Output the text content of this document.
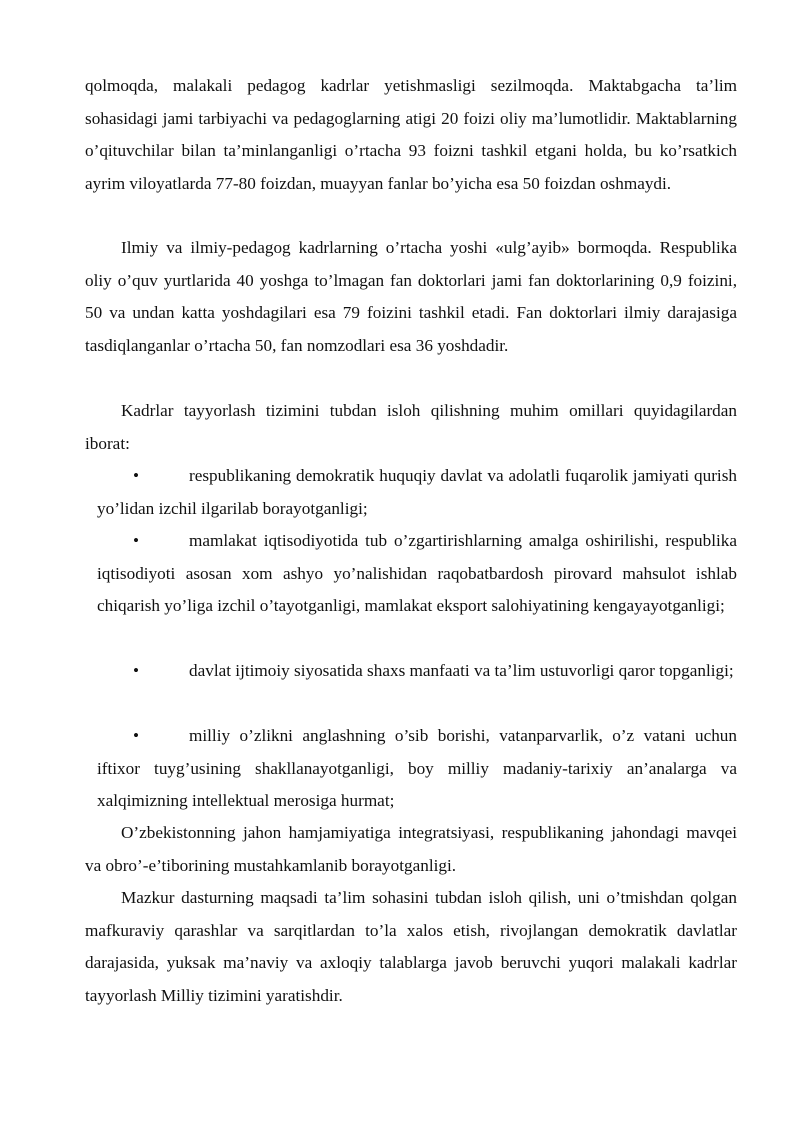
qolmoqda, malakali pedagog kadrlar yetishmasligi sezilmoqda. Maktabgacha ta’lim sohasidagi jami tarbiyachi va pedagoglarning atigi 20 foizi oliy ma’lumotlidir. Maktablarning o’qituvchilar bilan ta’minlanganligi o’rtacha 93 foizni tashkil etgani holda, bu ko’rsatkich ayrim viloyatlarda 77-80 foizdan, muayyan fanlar bo’yicha esa 50 foizdan oshmaydi.

Ilmiy va ilmiy-pedagog kadrlarning o’rtacha yoshi «ulg’ayib» bormoqda. Respublika oliy o’quv yurtlarida 40 yoshga to’lmagan fan doktorlari jami fan doktorlarining 0,9 foizini, 50 va undan katta yoshdagilari esa 79 foizini tashkil etadi. Fan doktorlari ilmiy darajasiga tasdiqlanganlar o’rtacha 50, fan nomzodlari esa 36 yoshdadir.

Kadrlar tayyorlash tizimini tubdan isloh qilishning muhim omillari quyidagilardan iborat:

•	respublikaning demokratik huquqiy davlat va adolatli fuqarolik jamiyati qurish yo’lidan izchil ilgarilab borayotganligi;

•	mamlakat iqtisodiyotida tub o’zgartirishlarning amalga oshirilishi, respublika iqtisodiyoti asosan xom ashyo yo’nalishidan raqobatbardosh pirovard mahsulot ishlab chiqarish yo’liga izchil o’tayotganligi, mamlakat eksport salohiyatining kengayayotganligi;

•	davlat ijtimoiy siyosatida shaxs manfaati va ta’lim ustuvorligi qaror topganligi;

•	milliy o’zlikni anglashning o’sib borishi, vatanparvarlik, o’z vatani uchun iftixor tuyg’usining shakllanayotganligi, boy milliy madaniy-tarixiy an’analarga va xalqimizning intellektual merosiga hurmat;

O’zbekistonning jahon hamjamiyatiga integratsiyasi, respublikaning jahondagi mavqei va obro’-e’tiborining mustahkamlanib borayotganligi.

Mazkur dasturning maqsadi ta’lim sohasini tubdan isloh qilish, uni o’tmishdan qolgan mafkuraviy qarashlar va sarqitlardan to’la xalos etish, rivojlangan demokratik davlatlar darajasida, yuksak ma’naviy va axloqiy talablarga javob beruvchi yuqori malakali kadrlar tayyorlash Milliy tizimini yaratishdir.
